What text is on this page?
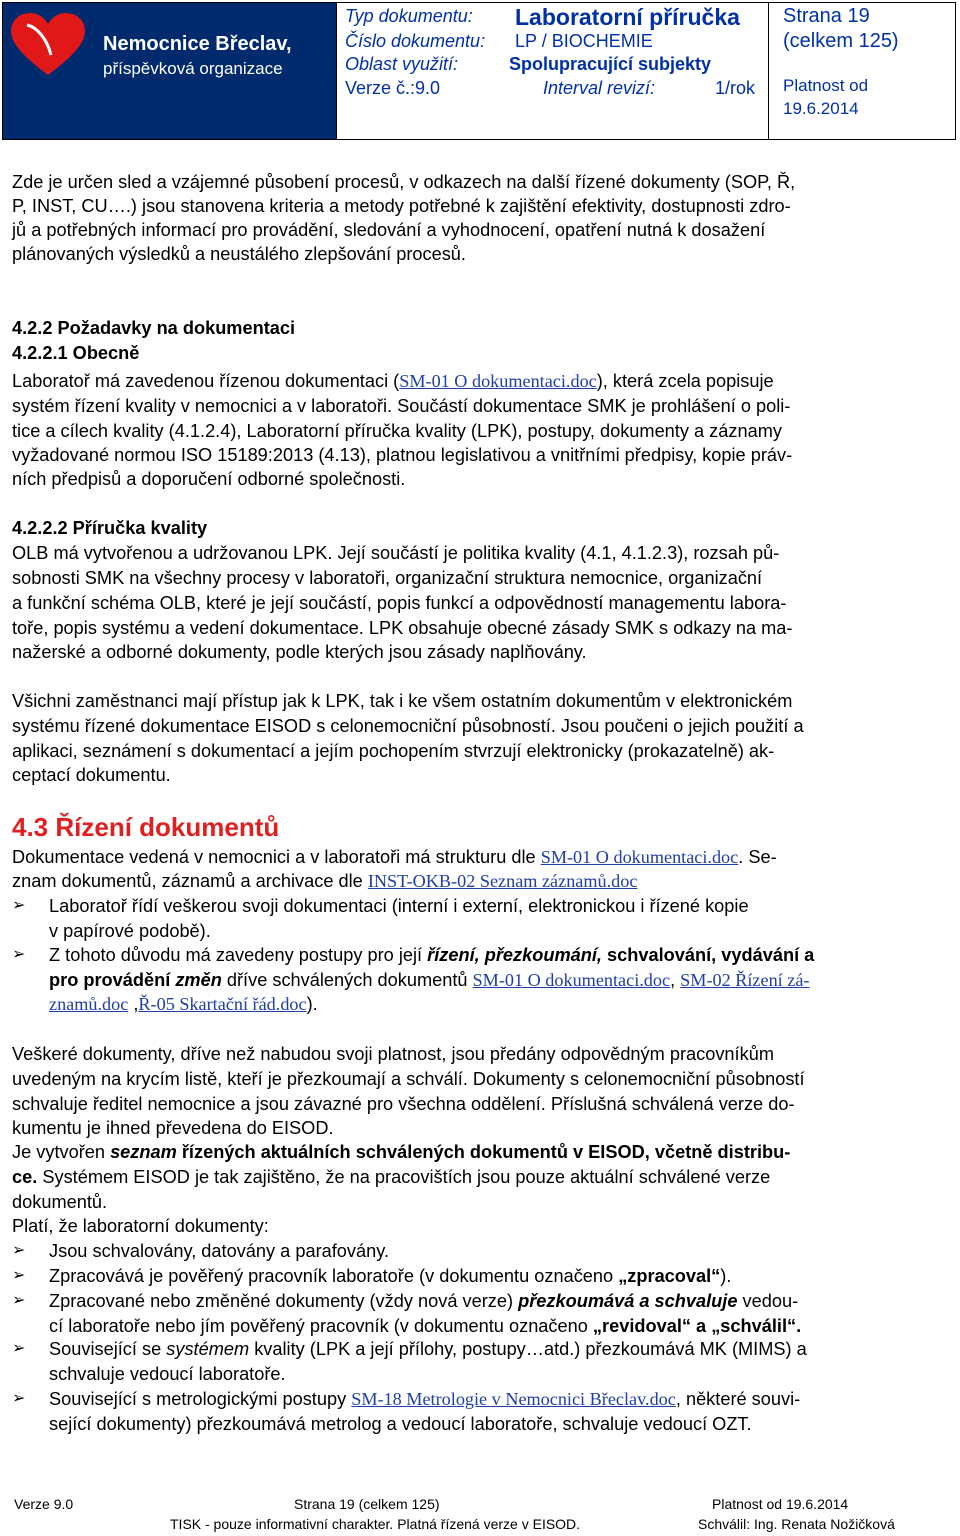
Nemocnice Břeclav,
příspěvková organizace
Typ dokumentu: Laboratorní příručka
Číslo dokumentu: LP / BIOCHEMIE
Oblast využití:	Spolupracující subjekty
Verze č.:9.0	Interval revizí:	1/rok
Strana 19
(celkem 125)
Platnost od
19.6.2014
Zde je určen sled a vzájemné působení procesů, v odkazech na další řízené dokumenty (SOP, Ř,
P, INST, CU….) jsou stanovena kriteria a metody potřebné k zajištění efektivity, dostupnosti zdro-
jů a potřebných informací pro provádění, sledování a vyhodnocení, opatření nutná k dosažení
plánovaných výsledků a neustálého zlepšování procesů.
4.2.2 Požadavky na dokumentaci
4.2.2.1 Obecně
Laboratoř má zavedenou řízenou dokumentaci (SM-01 O dokumentaci.doc), která zcela popisuje
systém řízení kvality v nemocnici a v laboratoři. Součástí dokumentace SMK je prohlášení o poli-
tice a cílech kvality (4.1.2.4), Laboratorní příručka kvality (LPK), postupy, dokumenty a záznamy
vyžadované normou ISO 15189:2013 (4.13), platnou legislativou a vnitřními předpisy, kopie práv-
ních předpisů a doporučení odborné společnosti.
4.2.2.2 Příručka kvality
OLB má vytvořenou a udržovanou LPK. Její součástí je politika kvality (4.1, 4.1.2.3), rozsah pů-
sobnosti SMK na všechny procesy v laboratoři, organizační struktura nemocnice, organizační
a funkční schéma OLB, které je její součástí, popis funkcí a odpovědností managementu labora-
toře, popis systému a vedení dokumentace. LPK obsahuje obecné zásady SMK s odkazy na ma-
nažerské a odborné dokumenty, podle kterých jsou zásady naplňovány.
Všichni zaměstnanci mají přístup jak k LPK, tak i ke všem ostatním dokumentům v elektronickém
systému řízené dokumentace EISOD s celonemocniční působností. Jsou poučeni o jejich použití a
aplikaci, seznámení s dokumentací a jejím pochopením stvrzují elektronicky (prokazatelně) ak-
ceptací dokumentu.
4.3 Řízení dokumentů
Dokumentace vedená v nemocnici a v laboratoři má strukturu dle SM-01 O dokumentaci.doc. Se-
znam dokumentů, záznamů a archivace dle INST-OKB-02 Seznam záznamů.doc
➢ Laboratoř řídí veškerou svoji dokumentaci (interní i externí, elektronickou i řízené kopie
v papírové podobě).
➢ Z tohoto důvodu má zavedeny postupy pro její řízení, přezkoumání, schvalování, vydávání a
pro provádění změn dříve schválených dokumentů SM-01 O dokumentaci.doc, SM-02 Řízení zá-
znamů.doc ,Ř-05 Skartační řád.doc).
Veškeré dokumenty, dříve než nabudou svoji platnost, jsou předány odpovědným pracovníkům
uvedeným na krycím listě, kteří je přezkoumají a schválí. Dokumenty s celonemocniční působností
schvaluje ředitel nemocnice a jsou závazné pro všechna oddělení. Příslušná schválená verze do-
kumentu je ihned převedena do EISOD.
Je vytvořen seznam řízených aktuálních schválených dokumentů v EISOD, včetně distribu-
ce. Systémem EISOD je tak zajištěno, že na pracovištích jsou pouze aktuální schválené verze
dokumentů.
Platí, že laboratorní dokumenty:
➢ Jsou schvalovány, datovány a parafovány.
➢ Zpracovává je pověřený pracovník laboratoře (v dokumentu označeno „zpracoval“).
➢ Zpracované nebo změněné dokumenty (vždy nová verze) přezkoumává a schvaluje vedou-
cí laboratoře nebo jím pověřený pracovník (v dokumentu označeno „revidoval“ a „schválil“.
➢ Související se systémem kvality (LPK a její přílohy, postupy…atd.) přezkoumává MK (MIMS) a
schvaluje vedoucí laboratoře.
➢ Související s metrologickými postupy SM-18 Metrologie v Nemocnici Břeclav.doc, některé souvi-
sející dokumenty) přezkoumává metrolog a vedoucí laboratoře, schvaluje vedoucí OZT.
Verze 9.0	Strana 19 (celkem 125)	Platnost od 19.6.2014
TISK - pouze informativní charakter. Platná řízená verze v EISOD.	Schválil: Ing. Renata Nožičková
